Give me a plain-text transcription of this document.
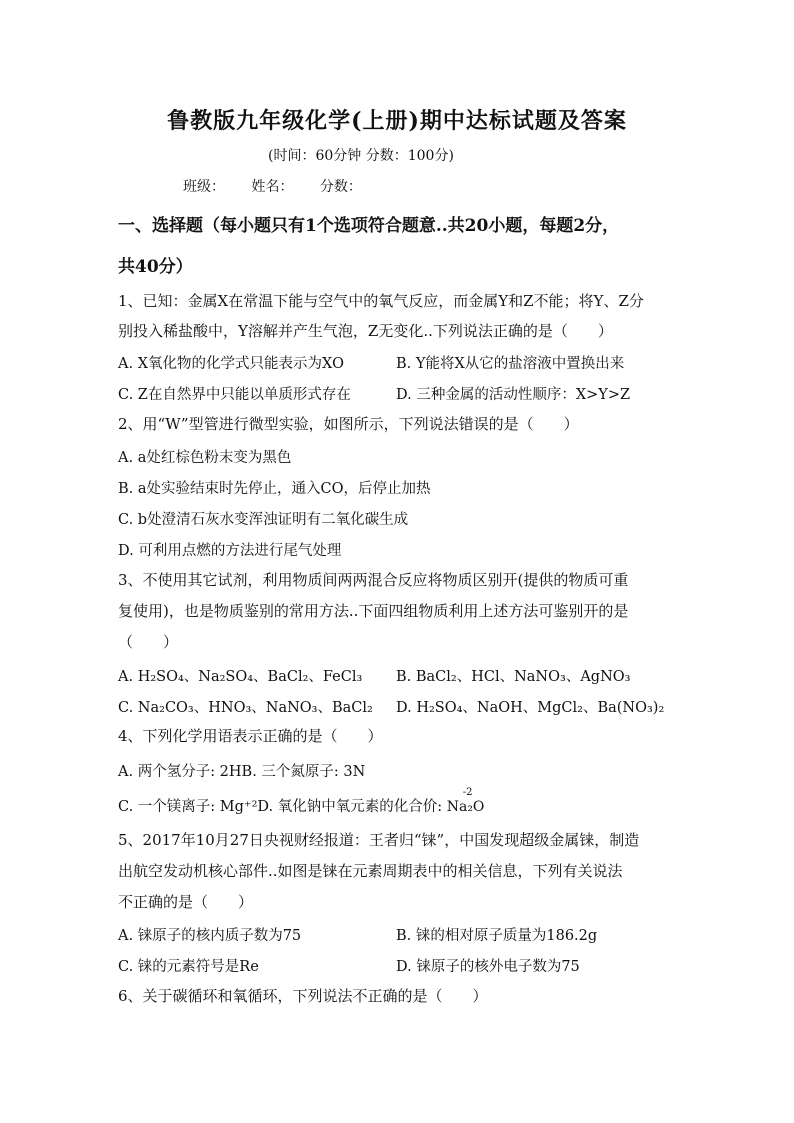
鲁教版九年级化学(上册)期中达标试题及答案
(时间：60分钟 分数：100分)
班级： 姓名： 分数：
一、选择题（每小题只有1个选项符合题意..共20小题，每题2分，
共40分）
1、已知：金属X在常温下能与空气中的氧气反应，而金属Y和Z不能；将Y、Z分
别投入稀盐酸中，Y溶解并产生气泡，Z无变化..下列说法正确的是（　　）
A. X氧化物的化学式只能表示为XO	B. Y能将X从它的盐溶液中置换出来
C. Z在自然界中只能以单质形式存在	D. 三种金属的活动性顺序：X>Y>Z
2、用“W”型管进行微型实验，如图所示，下列说法错误的是（　　）
A. a处红棕色粉末变为黑色
B. a处实验结束时先停止，通入CO，后停止加热
C. b处澄清石灰水变浑浊证明有二氧化碳生成
D. 可利用点燃的方法进行尾气处理
3、不使用其它试剂，利用物质间两两混合反应将物质区别开(提供的物质可重
复使用)，也是物质鉴别的常用方法..下面四组物质利用上述方法可鉴别开的是
（　　）
A. H₂SO₄、Na₂SO₄、BaCl₂、FeCl₃ B. BaCl₂、HCl、NaNO₃、AgNO₃
C. Na₂CO₃、HNO₃、NaNO₃、BaCl₂ D. H₂SO₄、NaOH、MgCl₂、Ba(NO₃)₂
4、下列化学用语表示正确的是（　　）
A. 两个氢分子: 2HB. 三个氮原子: 3N
C. 一个镁离子: Mg⁺²D. 氧化钠中氧元素的化合价:
-2
Na₂O
5、2017年10月27日央视财经报道：王者归“铼”，中国发现超级金属铼，制造
出航空发动机核心部件..如图是铼在元素周期表中的相关信息，下列有关说法
不正确的是（　　）
A. 铼原子的核内质子数为75	B. 铼的相对原子质量为186.2g
C. 铼的元素符号是Re	D. 铼原子的核外电子数为75
6、关于碳循环和氧循环，下列说法不正确的是（　　）
